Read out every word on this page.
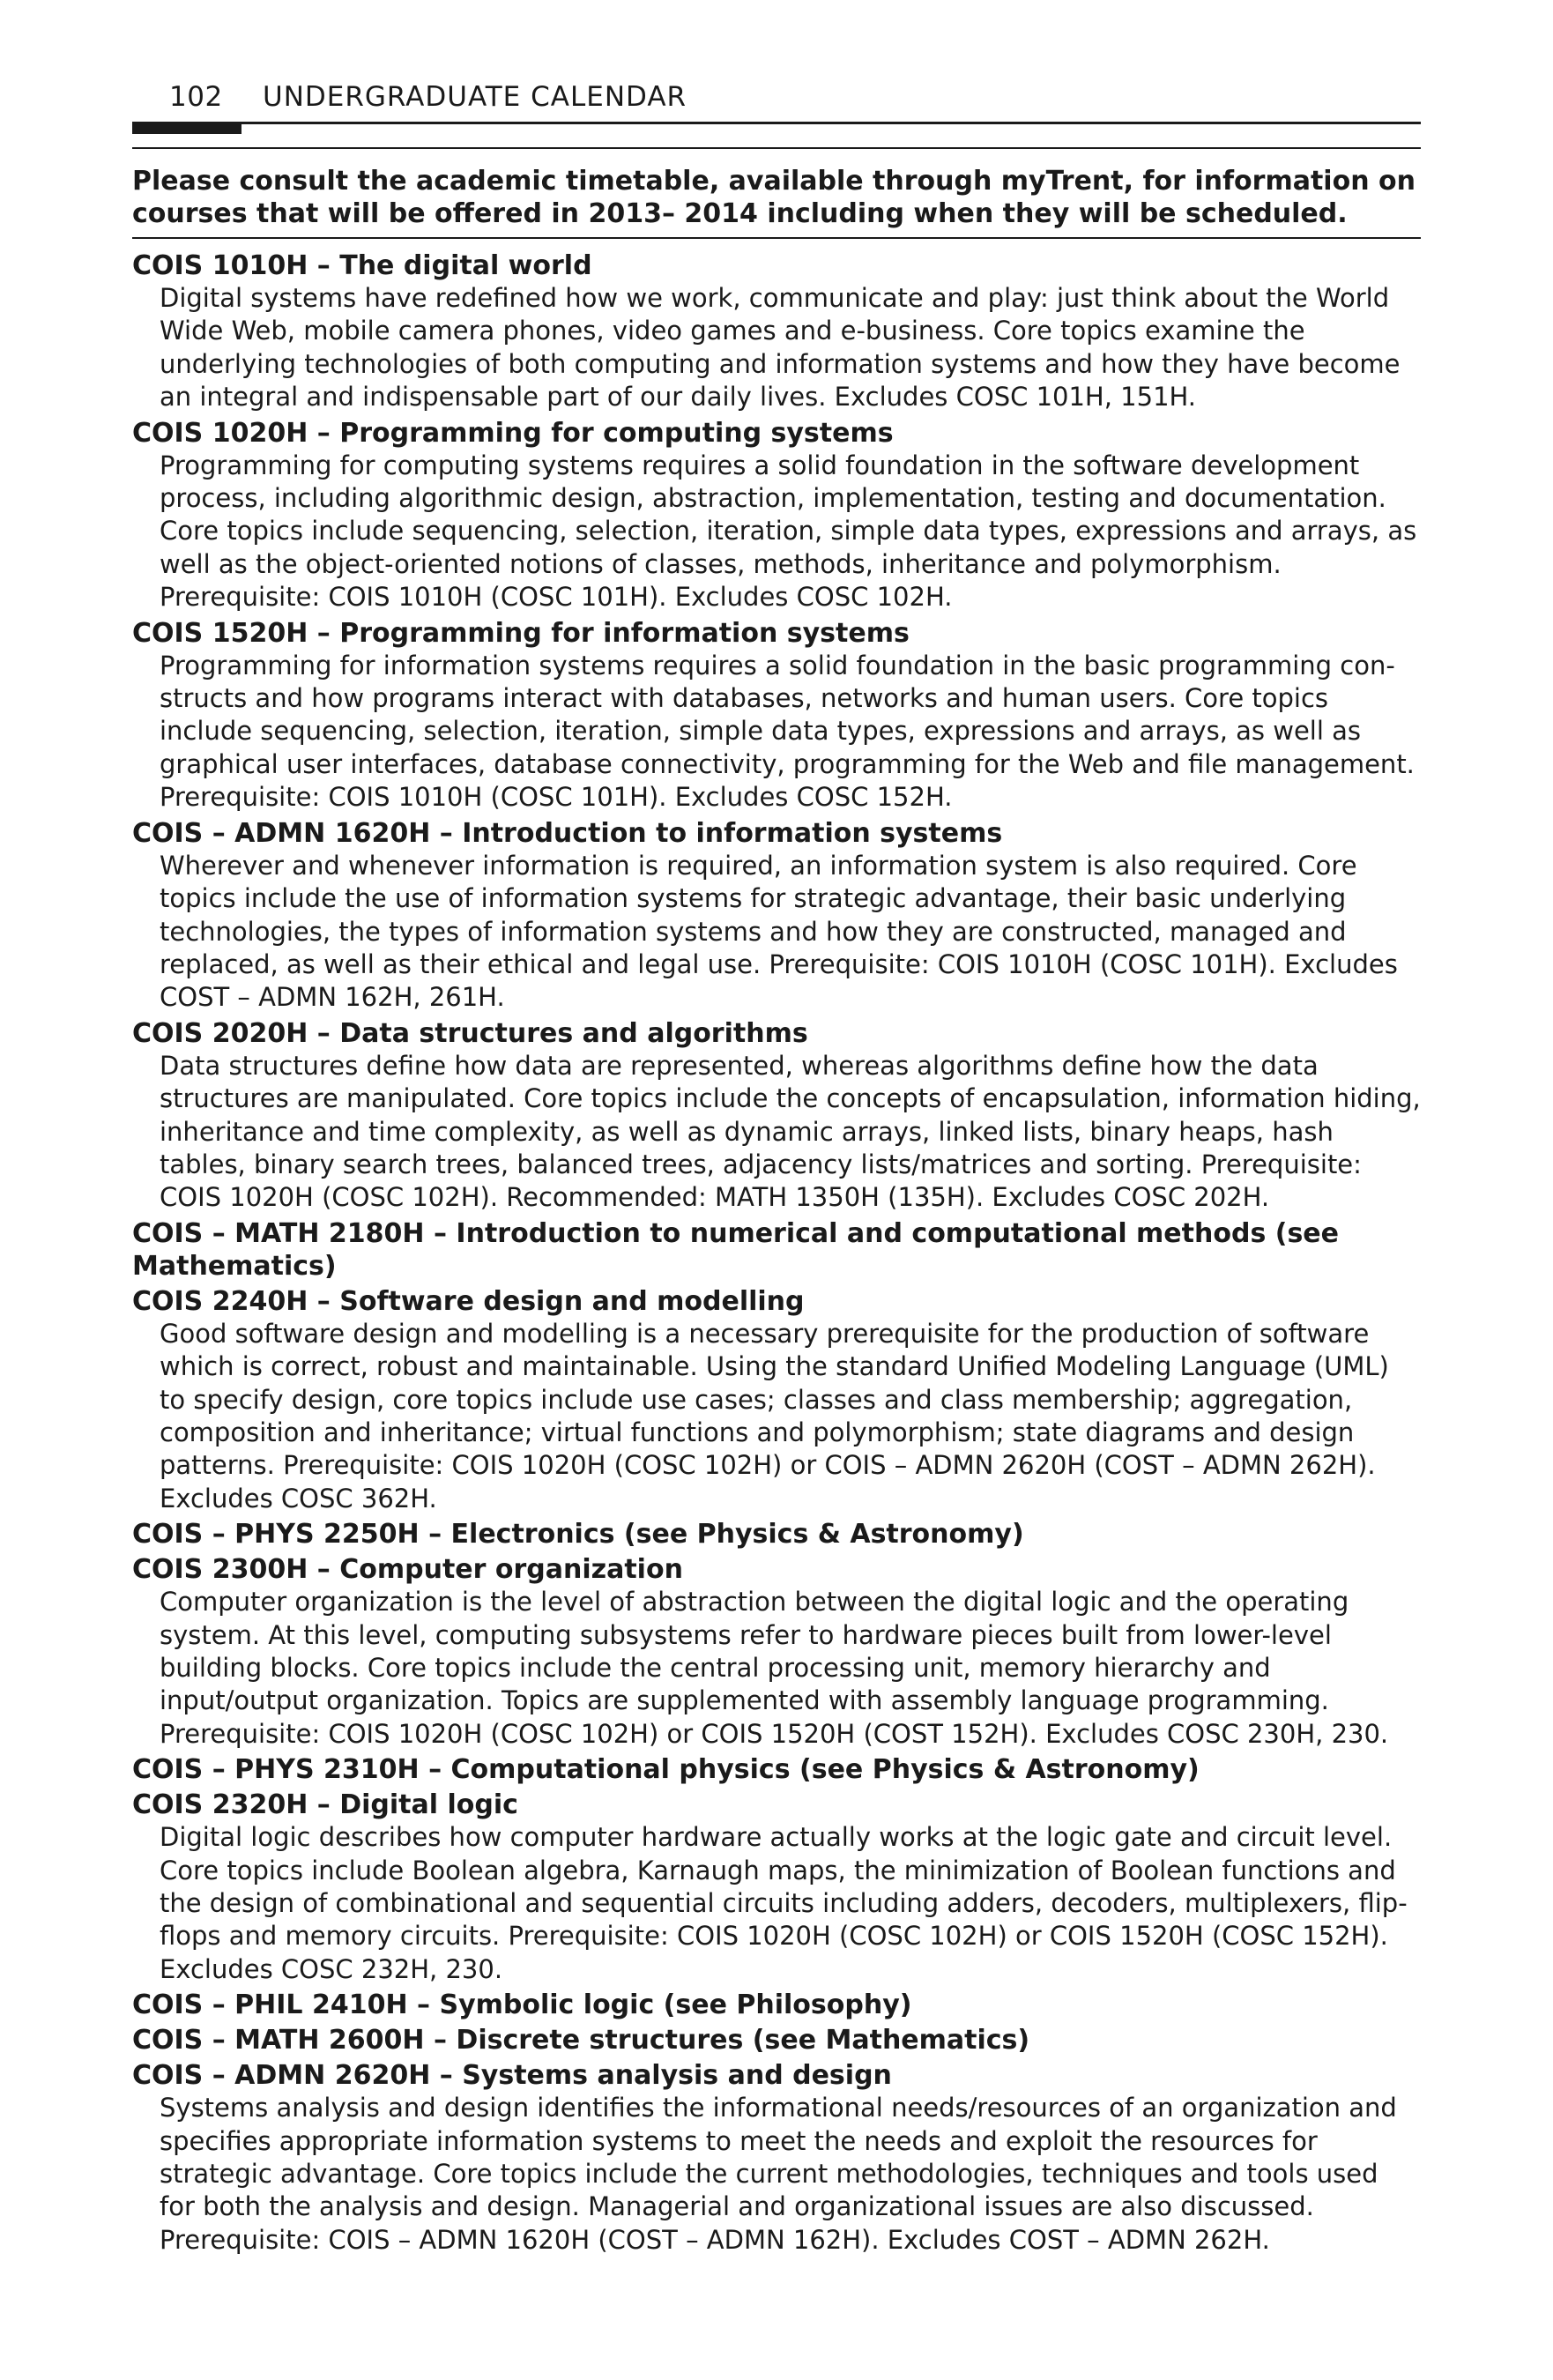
102 UNDERGRADUATE CALENDAR
Please consult the academic timetable, available through myTrent, for information on courses that will be offered in 2013– 2014 including when they will be scheduled.
COIS 1010H – The digital world
Digital systems have redefined how we work, communicate and play: just think about the World Wide Web, mobile camera phones, video games and e-business. Core topics examine the underlying technologies of both computing and information systems and how they have become an integral and indispensable part of our daily lives. Excludes COSC 101H, 151H.
COIS 1020H – Programming for computing systems
Programming for computing systems requires a solid foundation in the software development process, including algorithmic design, abstraction, implementation, testing and documentation. Core topics include sequencing, selection, iteration, simple data types, expressions and arrays, as well as the object-oriented notions of classes, methods, inheritance and polymorphism. Prerequisite: COIS 1010H (COSC 101H). Excludes COSC 102H.
COIS 1520H – Programming for information systems
Programming for information systems requires a solid foundation in the basic programming constructs and how programs interact with databases, networks and human users. Core topics include sequencing, selection, iteration, simple data types, expressions and arrays, as well as graphical user interfaces, database connectivity, programming for the Web and file management. Prerequisite: COIS 1010H (COSC 101H). Excludes COSC 152H.
COIS – ADMN 1620H – Introduction to information systems
Wherever and whenever information is required, an information system is also required. Core topics include the use of information systems for strategic advantage, their basic underlying technologies, the types of information systems and how they are constructed, managed and replaced, as well as their ethical and legal use. Prerequisite: COIS 1010H (COSC 101H). Excludes COST – ADMN 162H, 261H.
COIS 2020H – Data structures and algorithms
Data structures define how data are represented, whereas algorithms define how the data structures are manipulated. Core topics include the concepts of encapsulation, information hiding, inheritance and time complexity, as well as dynamic arrays, linked lists, binary heaps, hash tables, binary search trees, balanced trees, adjacency lists/matrices and sorting. Prerequisite: COIS 1020H (COSC 102H). Recommended: MATH 1350H (135H). Excludes COSC 202H.
COIS – MATH 2180H – Introduction to numerical and computational methods (see Mathematics)
COIS 2240H – Software design and modelling
Good software design and modelling is a necessary prerequisite for the production of software which is correct, robust and maintainable. Using the standard Unified Modeling Language (UML) to specify design, core topics include use cases; classes and class membership; aggregation, composition and inheritance; virtual functions and polymorphism; state diagrams and design patterns. Prerequisite: COIS 1020H (COSC 102H) or COIS – ADMN 2620H (COST – ADMN 262H). Excludes COSC 362H.
COIS – PHYS 2250H – Electronics (see Physics & Astronomy)
COIS 2300H – Computer organization
Computer organization is the level of abstraction between the digital logic and the operating system. At this level, computing subsystems refer to hardware pieces built from lower-level building blocks. Core topics include the central processing unit, memory hierarchy and input/output organization. Topics are supplemented with assembly language programming. Prerequisite: COIS 1020H (COSC 102H) or COIS 1520H (COST 152H). Excludes COSC 230H, 230.
COIS – PHYS 2310H – Computational physics (see Physics & Astronomy)
COIS 2320H – Digital logic
Digital logic describes how computer hardware actually works at the logic gate and circuit level. Core topics include Boolean algebra, Karnaugh maps, the minimization of Boolean functions and the design of combinational and sequential circuits including adders, decoders, multiplexers, flip-flops and memory circuits. Prerequisite: COIS 1020H (COSC 102H) or COIS 1520H (COSC 152H). Excludes COSC 232H, 230.
COIS – PHIL 2410H – Symbolic logic (see Philosophy)
COIS – MATH 2600H – Discrete structures (see Mathematics)
COIS – ADMN 2620H – Systems analysis and design
Systems analysis and design identifies the informational needs/resources of an organization and specifies appropriate information systems to meet the needs and exploit the resources for strategic advantage. Core topics include the current methodologies, techniques and tools used for both the analysis and design. Managerial and organizational issues are also discussed. Prerequisite: COIS – ADMN 1620H (COST – ADMN 162H). Excludes COST – ADMN 262H.
